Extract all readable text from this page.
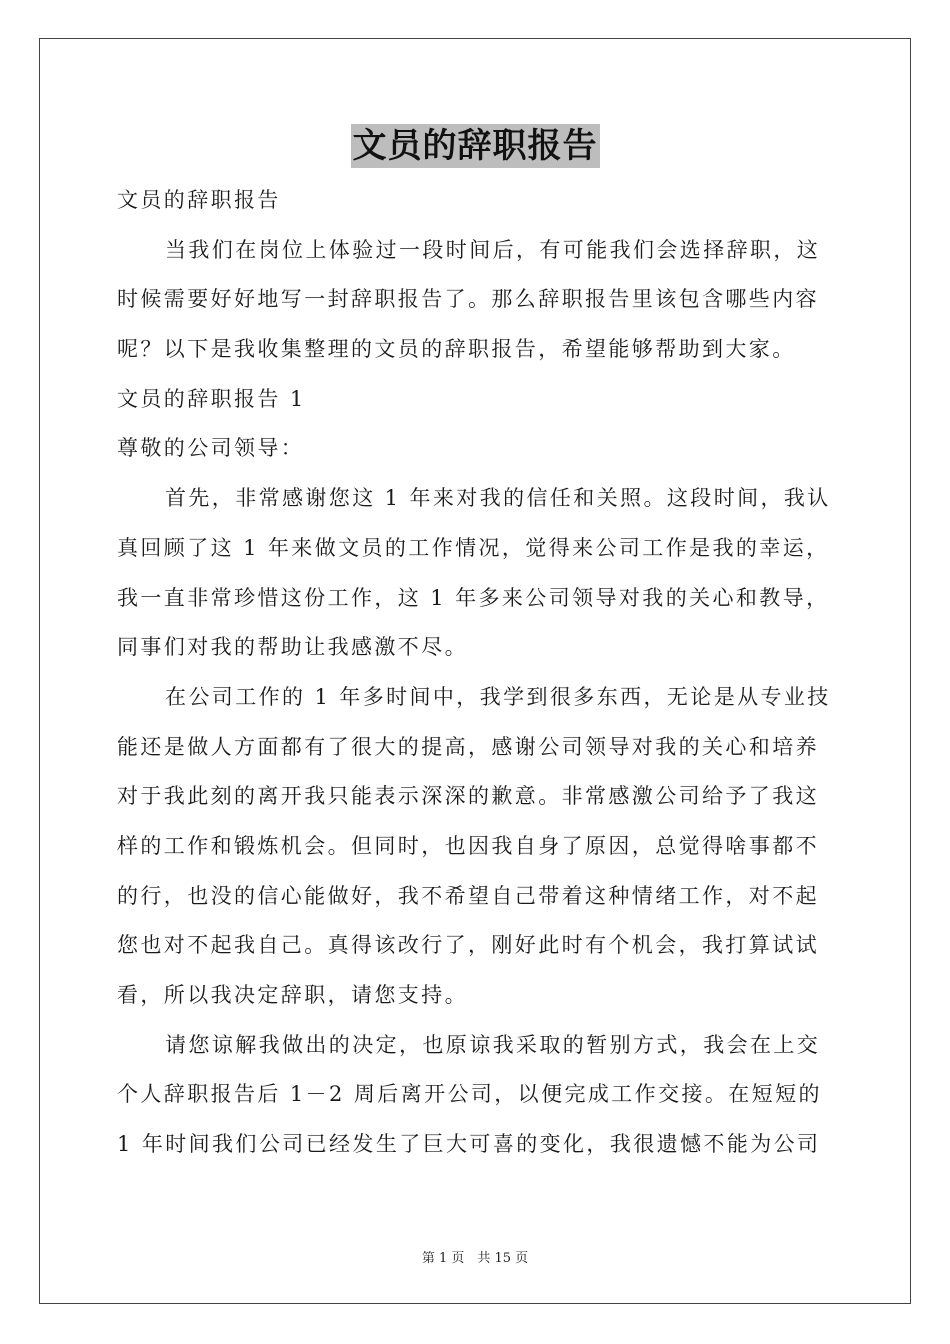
文员的辞职报告
文员的辞职报告
当我们在岗位上体验过一段时间后，有可能我们会选择辞职，这
时候需要好好地写一封辞职报告了。那么辞职报告里该包含哪些内容
呢？以下是我收集整理的文员的辞职报告，希望能够帮助到大家。
文员的辞职报告 1
尊敬的公司领导：
首先，非常感谢您这 1 年来对我的信任和关照。这段时间，我认
真回顾了这 1 年来做文员的工作情况，觉得来公司工作是我的幸运，
我一直非常珍惜这份工作，这 1 年多来公司领导对我的关心和教导，
同事们对我的帮助让我感激不尽。
在公司工作的 1 年多时间中，我学到很多东西，无论是从专业技
能还是做人方面都有了很大的提高，感谢公司领导对我的关心和培养
对于我此刻的离开我只能表示深深的歉意。非常感激公司给予了我这
样的工作和锻炼机会。但同时，也因我自身了原因，总觉得啥事都不
的行，也没的信心能做好，我不希望自己带着这种情绪工作，对不起
您也对不起我自己。真得该改行了，刚好此时有个机会，我打算试试
看，所以我决定辞职，请您支持。
请您谅解我做出的决定，也原谅我采取的暂别方式，我会在上交
个人辞职报告后 1－2 周后离开公司，以便完成工作交接。在短短的
1 年时间我们公司已经发生了巨大可喜的变化，我很遗憾不能为公司
第 1 页　共 15 页
